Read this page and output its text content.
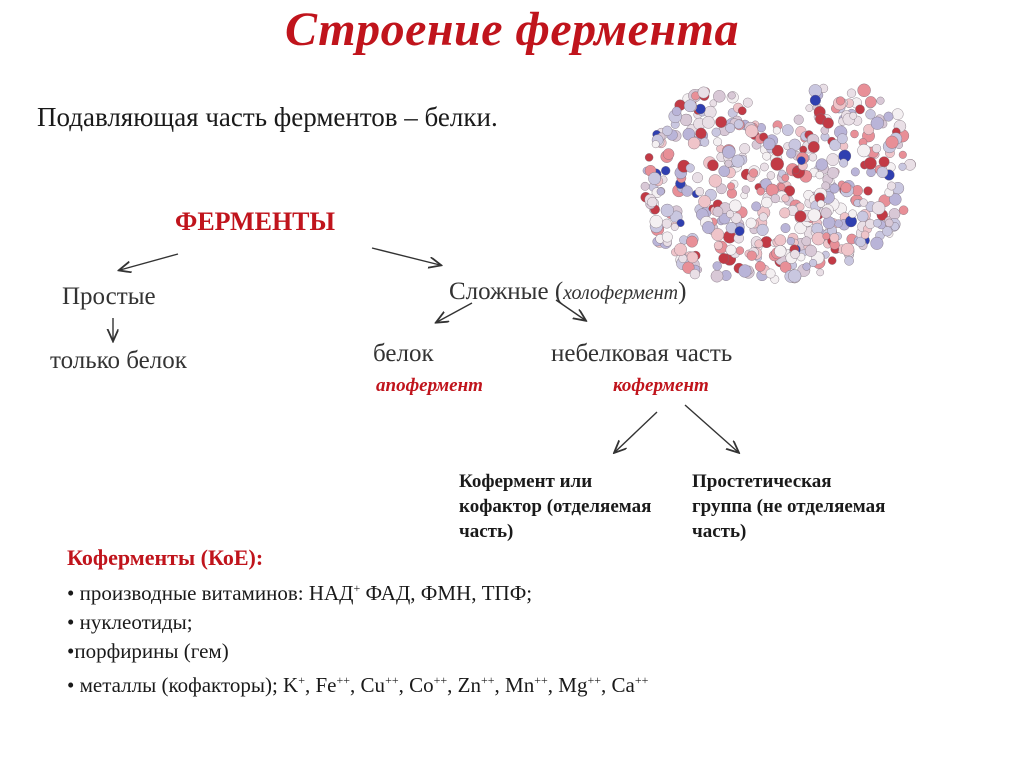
Строение фермента
Подавляющая часть ферментов – белки.
ФЕРМЕНТЫ
Простые
только белок
Сложные (холофермент)
белок	небелковая часть
апофермент	кофермент
Кофермент или кофактор (отделяемая часть)
Простетическая группа (не отделяемая часть)
Коферменты (КоЕ):
• производные витаминов: НАД+ ФАД, ФМН, ТПФ;
• нуклеотиды;
•порфирины (гем)
• металлы (кофакторы); K+, Fe++, Cu++, Co++, Zn++, Mn++, Mg++, Ca++
